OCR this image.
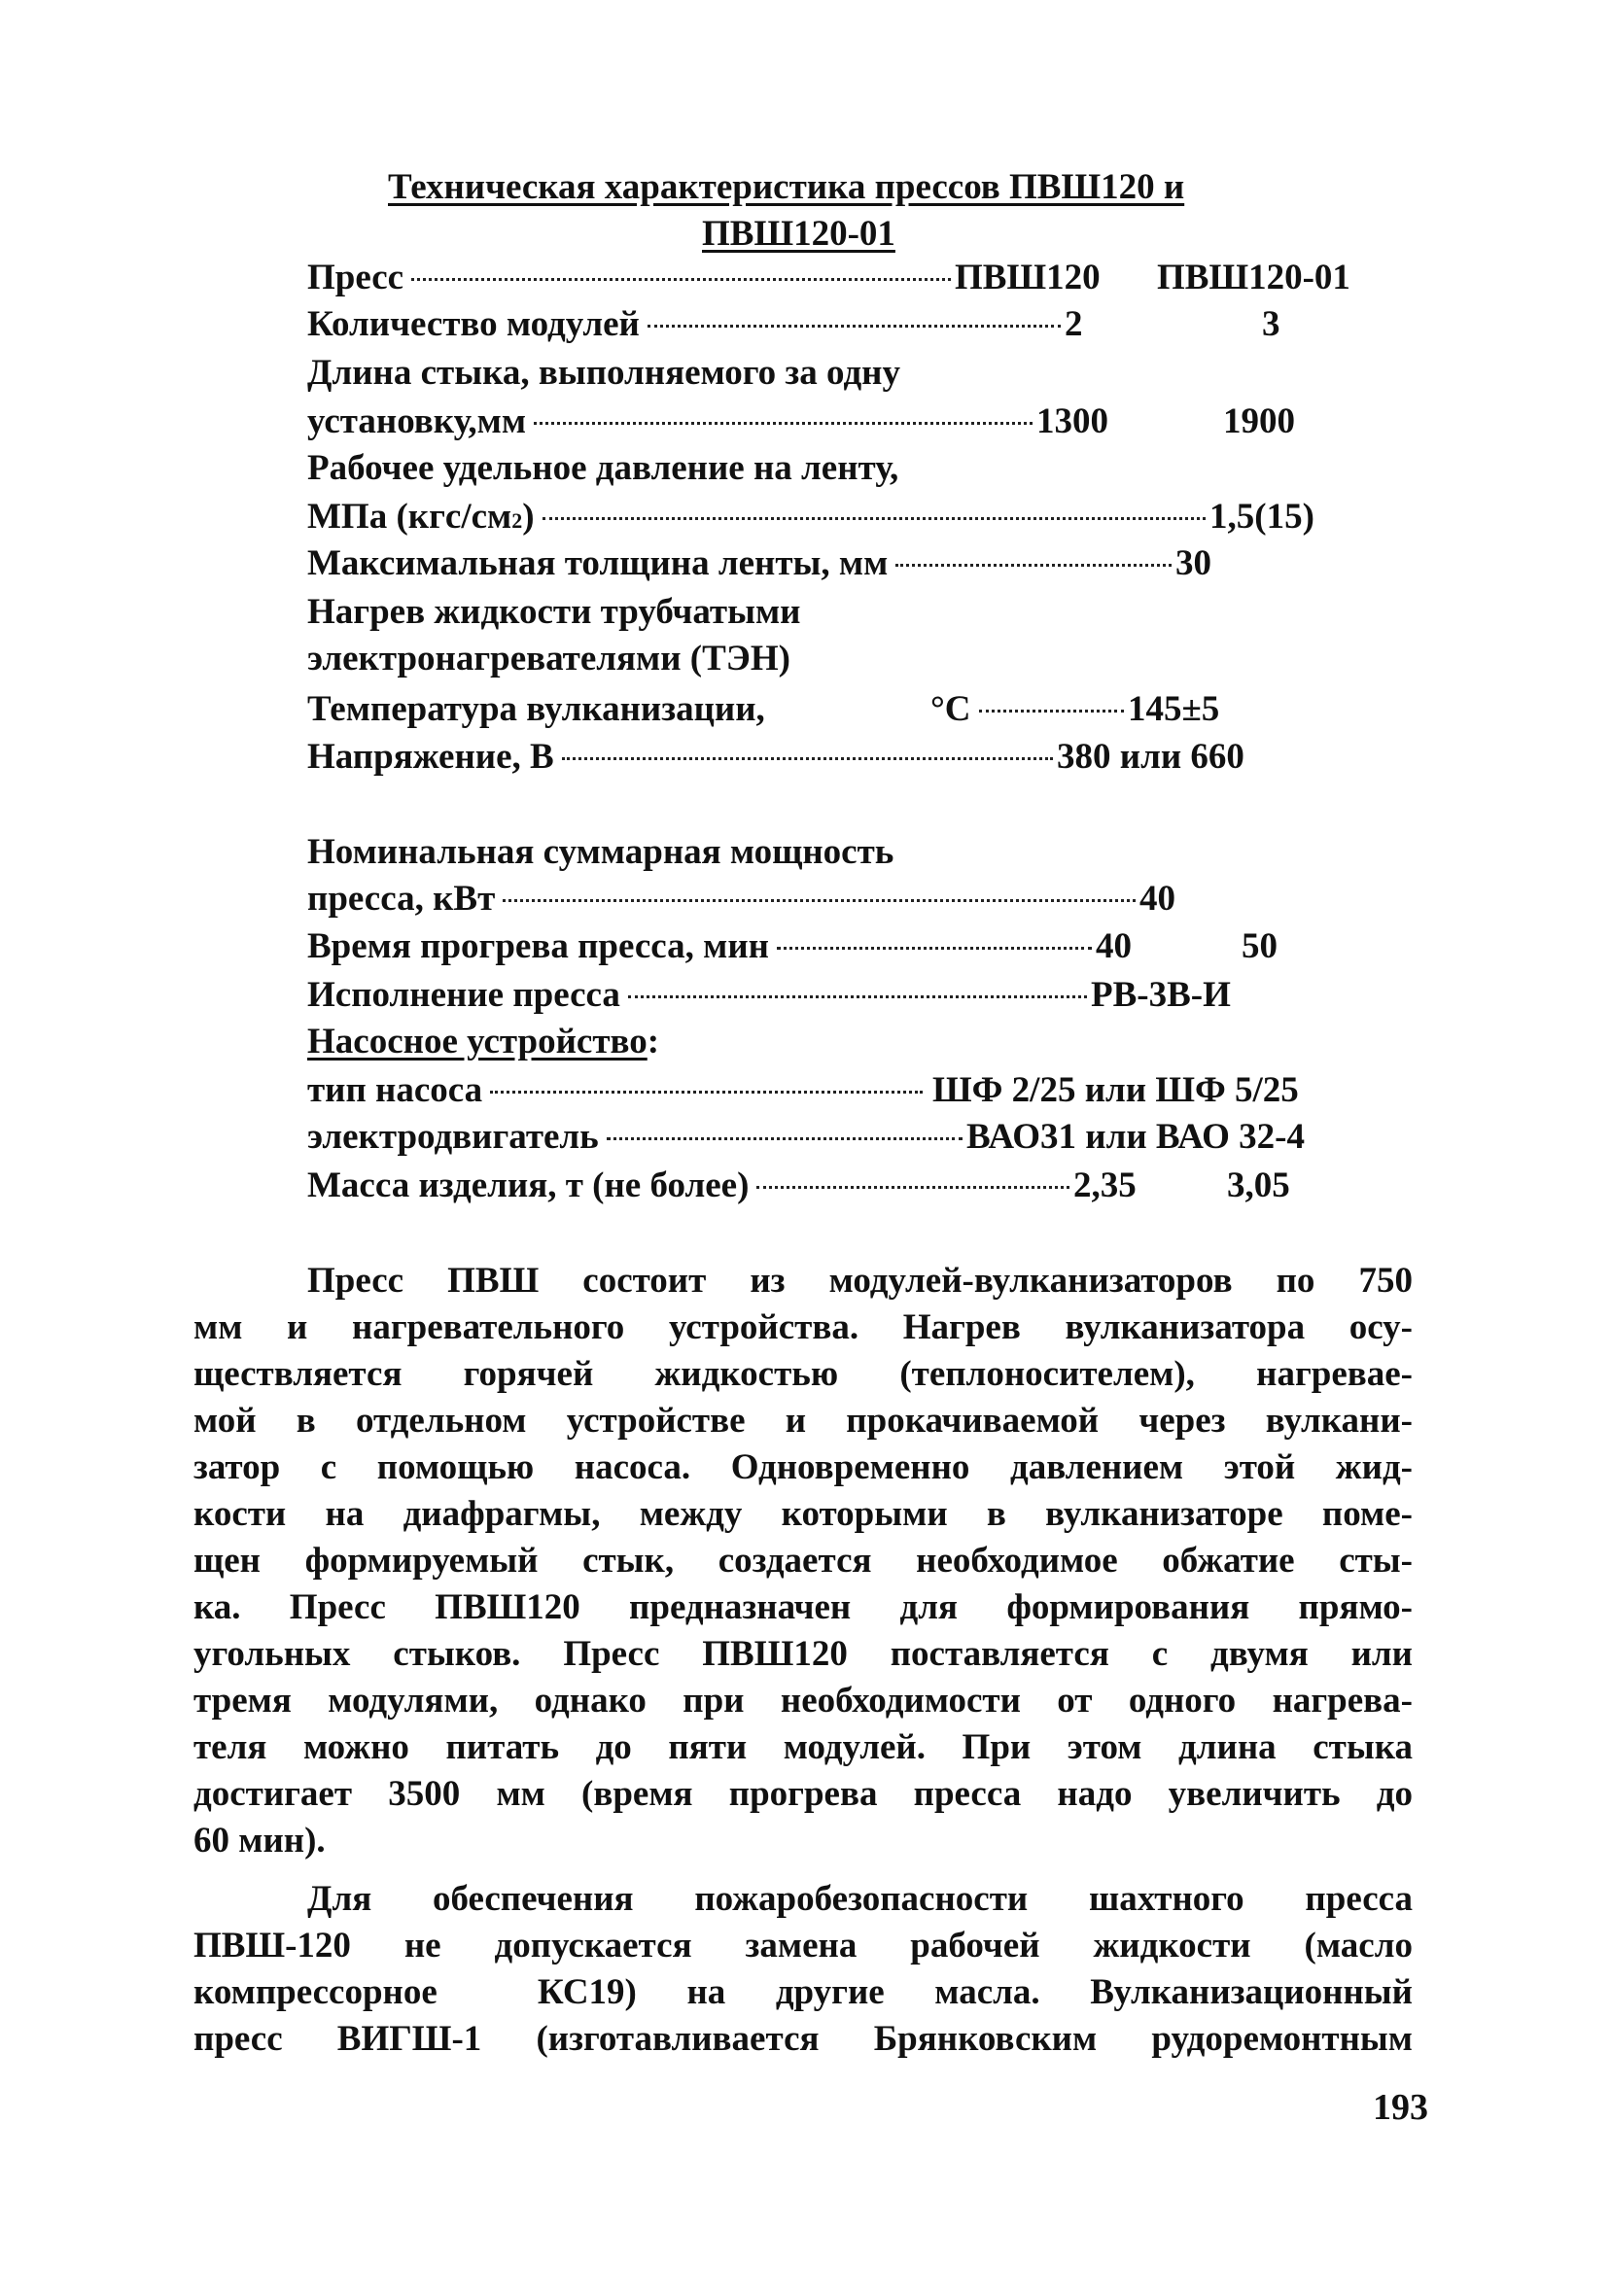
Техническая характеристика прессов ПВШ120 и
ПВШ120-01
Пресс	ПВШ120 ПВШ120-01
Количество модулей	2	3
Длина стыка, выполняемого за одну
установку,мм	1300	1900
Рабочее удельное давление на ленту,
МПа (кгс/см 2 )	1,5(15)
Максимальная толщина ленты, мм	30
Нагрев жидкости трубчатыми
электронагревателями (ТЭН)
Температура вулканизации,	°С	145±5
Напряжение, В	380 или 660
Номинальная суммарная мощность
пресса, кВт	40
Время прогрева пресса, мин	40	50
Исполнение пресса	РВ-3В-И
Насосное устройство :
тип насоса	ШФ 2/25 или ШФ 5/25
электродвигатель	ВАО31 или ВАО 32-4
Масса изделия, т (не более)	2,35	3,05
Пресс ПВШ состоит из модулей-вулканизаторов по 750
мм и нагревательного устройства. Нагрев вулканизатора осу-
ществляется горячей жидкостью (теплоносителем), нагревае-
мой в отдельном устройстве и прокачиваемой через вулкани-
затор с помощью насоса. Одновременно давлением этой жид-
кости на диафрагмы, между которыми в вулканизаторе поме-
щен формируемый стык, создается необходимое обжатие сты-
ка. Пресс ПВШ120 предназначен для формирования прямо-
угольных стыков. Пресс ПВШ120 поставляется с двумя или
тремя модулями, однако при необходимости от одного нагрева-
теля можно питать до пяти модулей. При этом длина стыка
достигает 3500 мм (время прогрева пресса надо увеличить до
60 мин).
Для обеспечения пожаробезопасности шахтного пресса
ПВШ-120 не допускается замена рабочей жидкости (масло
компрессорное  КС19) на другие масла. Вулканизационный
пресс ВИГШ-1 (изготавливается Брянковским рудоремонтным
193
